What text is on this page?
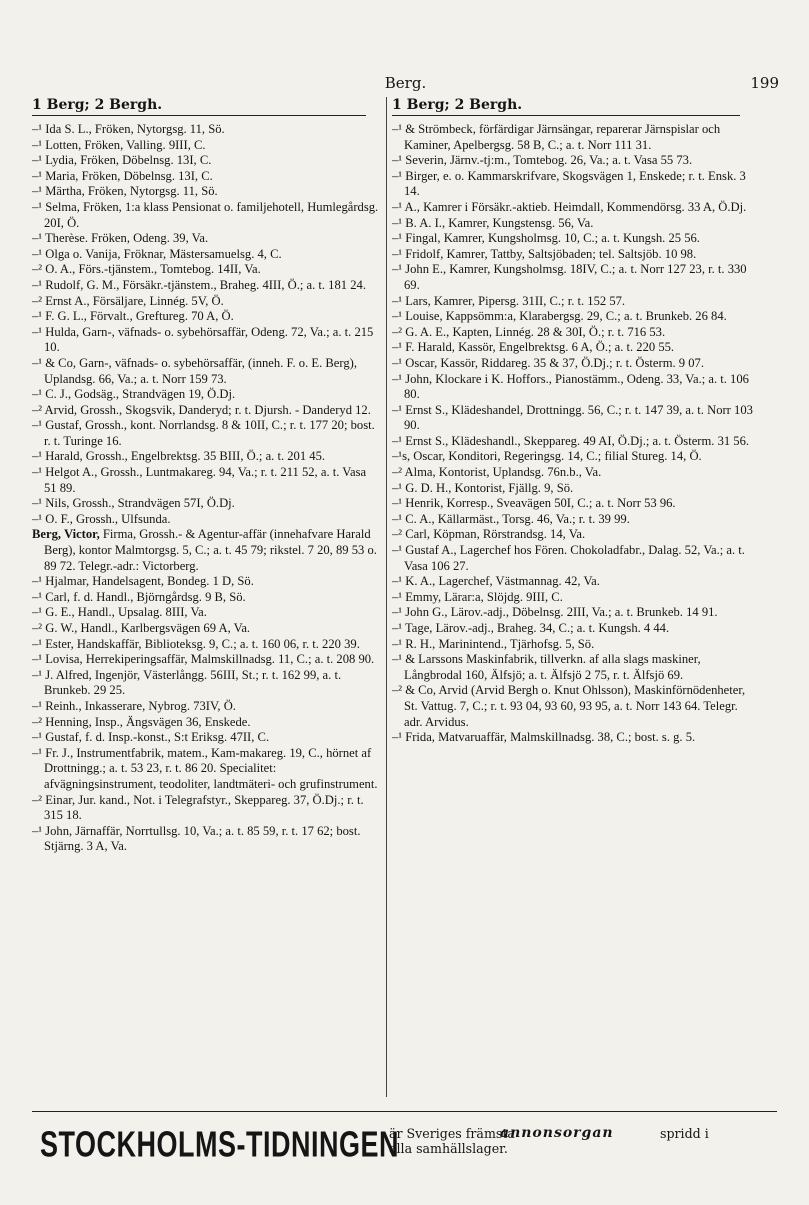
Berg.	199
1 Berg; 2 Bergh.
–¹ Ida S. L., Fröken, Nytorgsg. 11, Sö.
–¹ Lotten, Fröken, Valling. 9III, C.
–¹ Lydia, Fröken, Döbelnsg. 13I, C.
–¹ Maria, Fröken, Döbelnsg. 13I, C.
–¹ Märtha, Fröken, Nytorgsg. 11, Sö.
–¹ Selma, Fröken, 1:a klass Pensionat o. familjehotell, Humlegårdsg. 20I, Ö.
–¹ Therèse. Fröken, Odeng. 39, Va.
–¹ Olga o. Vanija, Fröknar, Mästersamuelsg. 4, C.
–² O. A., Förs.-tjänstem., Tomtebog. 14II, Va.
–¹ Rudolf, G. M., Försäkr.-tjänstem., Braheg. 4III, Ö.; a. t. 181 24.
–² Ernst A., Försäljare, Linnég. 5V, Ö.
–¹ F. G. L., Förvalt., Greftureg. 70 A, Ö.
–¹ Hulda, Garn-, väfnads- o. sybehörsaffär, Odeng. 72, Va.; a. t. 215 10.
–¹ & Co, Garn-, väfnads- o. sybehörsaffär, (inneh. F. o. E. Berg), Uplandsg. 66, Va.; a. t. Norr 159 73.
–¹ C. J., Godsäg., Strandvägen 19, Ö.Dj.
–² Arvid, Grossh., Skogsvik, Danderyd; r. t. Djursh. - Danderyd 12.
–¹ Gustaf, Grossh., kont. Norrlandsg. 8 & 10II, C.; r. t. 177 20; bost. r. t. Turinge 16.
–¹ Harald, Grossh., Engelbrektsg. 35 BIII, Ö.; a. t. 201 45.
–¹ Helgot A., Grossh., Luntmakareg. 94, Va.; r. t. 211 52, a. t. Vasa 51 89.
–¹ Nils, Grossh., Strandvägen 57I, Ö.Dj.
–¹ O. F., Grossh., Ulfsunda.
Berg, Victor, Firma, Grossh.- & Agentur-affär (innehafvare Harald Berg), kontor Malmtorgsg. 5, C.; a. t. 45 79; rikstel. 7 20, 89 53 o. 89 72. Telegr.-adr.: Victorberg.
–¹ Hjalmar, Handelsagent, Bondeg. 1 D, Sö.
–¹ Carl, f. d. Handl., Björngårdsg. 9 B, Sö.
–¹ G. E., Handl., Upsalag. 8III, Va.
–² G. W., Handl., Karlbergsvägen 69 A, Va.
–¹ Ester, Handskaffär, Biblioteksg. 9, C.; a. t. 160 06, r. t. 220 39.
–¹ Lovisa, Herrekiperingsaffär, Malmskillnadsg. 11, C.; a. t. 208 90.
–¹ J. Alfred, Ingenjör, Västerlångg. 56III, St.; r. t. 162 99, a. t. Brunkeb. 29 25.
–¹ Reinh., Inkasserare, Nybrog. 73IV, Ö.
–² Henning, Insp., Ängsvägen 36, Enskede.
–¹ Gustaf, f. d. Insp.-konst., S:t Eriksg. 47II, C.
–¹ Fr. J., Instrumentfabrik, matem., Kam-makareg. 19, C., hörnet af Drottningg.; a. t. 53 23, r. t. 86 20. Specialitet: afvägningsinstrument, teodoliter, landtmäteri- och grufinstrument.
–² Einar, Jur. kand., Not. i Telegrafstyr., Skeppareg. 37, Ö.Dj.; r. t. 315 18.
–¹ John, Järnaffär, Norrtullsg. 10, Va.; a. t. 85 59, r. t. 17 62; bost. Stjärng. 3 A, Va.
1 Berg; 2 Bergh.
–¹ & Strömbeck, förfärdigar Järnsängar, reparerar Järnspislar och Kaminer, Apelbergsg. 58 B, C.; a. t. Norr 111 31.
–¹ Severin, Järnv.-tj:m., Tomtebog. 26, Va.; a. t. Vasa 55 73.
–¹ Birger, e. o. Kammarskrifvare, Skogsvägen 1, Enskede; r. t. Ensk. 3 14.
–¹ A., Kamrer i Försäkr.-aktieb. Heimdall, Kommendörsg. 33 A, Ö.Dj.
–¹ B. A. I., Kamrer, Kungstensg. 56, Va.
–¹ Fingal, Kamrer, Kungsholmsg. 10, C.; a. t. Kungsh. 25 56.
–¹ Fridolf, Kamrer, Tattby, Saltsjöbaden; tel. Saltsjöb. 10 98.
–¹ John E., Kamrer, Kungsholmsg. 18IV, C.; a. t. Norr 127 23, r. t. 330 69.
–¹ Lars, Kamrer, Pipersg. 31II, C.; r. t. 152 57.
–¹ Louise, Kappsömm:a, Klarabergsg. 29, C.; a. t. Brunkeb. 26 84.
–² G. A. E., Kapten, Linnég. 28 & 30I, Ö.; r. t. 716 53.
–¹ F. Harald, Kassör, Engelbrektsg. 6 A, Ö.; a. t. 220 55.
–¹ Oscar, Kassör, Riddareg. 35 & 37, Ö.Dj.; r. t. Österm. 9 07.
–¹ John, Klockare i K. Hoffors., Pianostämm., Odeng. 33, Va.; a. t. 106 80.
–¹ Ernst S., Klädeshandel, Drottningg. 56, C.; r. t. 147 39, a. t. Norr 103 90.
–¹ Ernst S., Klädeshandl., Skeppareg. 49 AI, Ö.Dj.; a. t. Österm. 31 56.
–¹s, Oscar, Konditori, Regeringsg. 14, C.; filial Stureg. 14, Ö.
–² Alma, Kontorist, Uplandsg. 76n.b., Va.
–¹ G. D. H., Kontorist, Fjällg. 9, Sö.
–¹ Henrik, Korresp., Sveavägen 50I, C.; a. t. Norr 53 96.
–¹ C. A., Källarmäst., Torsg. 46, Va.; r. t. 39 99.
–² Carl, Köpman, Rörstrandsg. 14, Va.
–¹ Gustaf A., Lagerchef hos Fören. Chokoladfabr., Dalag. 52, Va.; a. t. Vasa 106 27.
–¹ K. A., Lagerchef, Västmannag. 42, Va.
–¹ Emmy, Lärar:a, Slöjdg. 9III, C.
–¹ John G., Lärov.-adj., Döbelnsg. 2III, Va.; a. t. Brunkeb. 14 91.
–¹ Tage, Lärov.-adj., Braheg. 34, C.; a. t. Kungsh. 4 44.
–¹ R. H., Marinintend., Tjärhofsg. 5, Sö.
–¹ & Larssons Maskinfabrik, tillverkn. af alla slags maskiner, Långbrodal 160, Älfsjö; a. t. Älfsjö 2 75, r. t. Älfsjö 69.
–² & Co, Arvid (Arvid Bergh o. Knut Ohlsson), Maskinförnödenheter, St. Vattug. 7, C.; r. t. 93 04, 93 60, 93 95, a. t. Norr 143 64. Telegr. adr. Arvidus.
–¹ Frida, Matvaruaffär, Malmskillnadsg. 38, C.; bost. s. g. 5.
STOCKHOLMS-TIDNINGEN
är Sveriges främsta
alla samhällslager.
annonsorgan	spridd i
